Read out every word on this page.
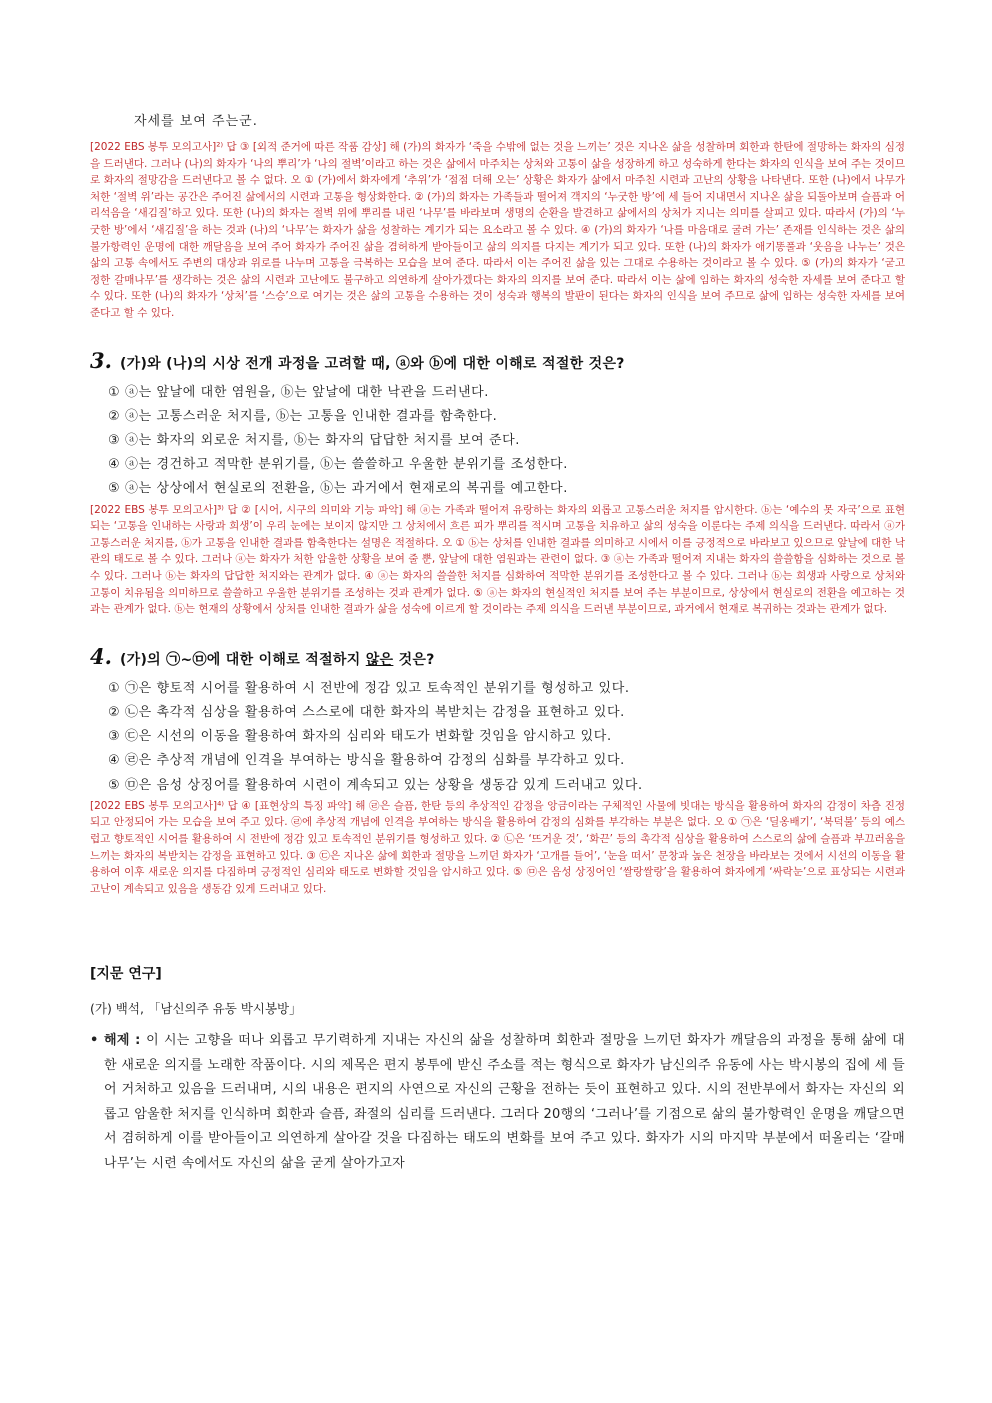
자세를 보여 주는군.

[2022 EBS 봉투 모의고사]²⁾ 답 ③ [외적 준거에 따른 작품 감상] 해 (가)의 화자가 ‘죽을 수밖에 없는 것을 느끼는’ 것은 지나온 삶을 성찰하며 회한과 한탄에 절망하는 화자의 심정을 드러낸다. 그러나 (나)의 화자가 ‘나의 뿌리’가 ‘나의 절벽’이라고 하는 것은 삶에서 마주치는 상처와 고통이 삶을 성장하게 하고 성숙하게 한다는 화자의 인식을 보여 주는 것이므로 화자의 절망감을 드러낸다고 볼 수 없다. 오 ① (가)에서 화자에게 ‘추위’가 ‘점점 더해 오는’ 상황은 화자가 삶에서 마주친 시련과 고난의 상황을 나타낸다. 또한 (나)에서 나무가 처한 ‘절벽 위’라는 공간은 주어진 삶에서의 시련과 고통을 형상화한다. ② (가)의 화자는 가족들과 떨어져 객지의 ‘누굿한 방’에 세 들어 지내면서 지나온 삶을 되돌아보며 슬픔과 어리석음을 ‘새김질’하고 있다. 또한 (나)의 화자는 절벽 위에 뿌리를 내린 ‘나무’를 바라보며 생명의 순환을 발견하고 삶에서의 상처가 지니는 의미를 살피고 있다. 따라서 (가)의 ‘누굿한 방’에서 ‘새김질’을 하는 것과 (나)의 ‘나무’는 화자가 삶을 성찰하는 계기가 되는 요소라고 볼 수 있다. ④ (가)의 화자가 ‘나를 마음대로 굴려 가는’ 존재를 인식하는 것은 삶의 불가항력인 운명에 대한 깨달음을 보여 주어 화자가 주어진 삶을 겸허하게 받아들이고 삶의 의지를 다지는 계기가 되고 있다. 또한 (나)의 화자가 애기똥풀과 ‘웃음을 나누는’ 것은 삶의 고통 속에서도 주변의 대상과 위로를 나누며 고통을 극복하는 모습을 보여 준다. 따라서 이는 주어진 삶을 있는 그대로 수용하는 것이라고 볼 수 있다. ⑤ (가)의 화자가 ‘굳고 정한 갈매나무’를 생각하는 것은 삶의 시련과 고난에도 불구하고 의연하게 살아가겠다는 화자의 의지를 보여 준다. 따라서 이는 삶에 임하는 화자의 성숙한 자세를 보여 준다고 할 수 있다. 또한 (나)의 화자가 ‘상처’를 ‘스승’으로 여기는 것은 삶의 고통을 수용하는 것이 성숙과 행복의 발판이 된다는 화자의 인식을 보여 주므로 삶에 임하는 성숙한 자세를 보여 준다고 할 수 있다.

3. (가)와 (나)의 시상 전개 과정을 고려할 때, ⓐ와 ⓑ에 대한 이해로 적절한 것은?
① ⓐ는 앞날에 대한 염원을, ⓑ는 앞날에 대한 낙관을 드러낸다.
② ⓐ는 고통스러운 처지를, ⓑ는 고통을 인내한 결과를 함축한다.
③ ⓐ는 화자의 외로운 처지를, ⓑ는 화자의 답답한 처지를 보여 준다.
④ ⓐ는 경건하고 적막한 분위기를, ⓑ는 쓸쓸하고 우울한 분위기를 조성한다.
⑤ ⓐ는 상상에서 현실로의 전환을, ⓑ는 과거에서 현재로의 복귀를 예고한다.

[2022 EBS 봉투 모의고사]³⁾ 답 ② [시어, 시구의 의미와 기능 파악] 해 ⓐ는 가족과 떨어져 유랑하는 화자의 외롭고 고통스러운 처지를 암시한다. ⓑ는 ‘예수의 못 자국’으로 표현되는 ‘고통을 인내하는 사랑과 희생’이 우리 눈에는 보이지 않지만 그 상처에서 흐른 피가 뿌리를 적시며 고통을 치유하고 삶의 성숙을 이룬다는 주제 의식을 드러낸다. 따라서 ⓐ가 고통스러운 처지를, ⓑ가 고통을 인내한 결과를 함축한다는 설명은 적절하다. 오 ① ⓑ는 상처를 인내한 결과를 의미하고 시에서 이를 긍정적으로 바라보고 있으므로 앞날에 대한 낙관의 태도로 볼 수 있다. 그러나 ⓐ는 화자가 처한 암울한 상황을 보여 줄 뿐, 앞날에 대한 염원과는 관련이 없다. ③ ⓐ는 가족과 떨어져 지내는 화자의 쓸쓸함을 심화하는 것으로 볼 수 있다. 그러나 ⓑ는 화자의 답답한 처지와는 관계가 없다. ④ ⓐ는 화자의 쓸쓸한 처지를 심화하여 적막한 분위기를 조성한다고 볼 수 있다. 그러나 ⓑ는 희생과 사랑으로 상처와 고통이 치유됨을 의미하므로 쓸쓸하고 우울한 분위기를 조성하는 것과 관계가 없다. ⑤ ⓐ는 화자의 현실적인 처지를 보여 주는 부분이므로, 상상에서 현실로의 전환을 예고하는 것과는 관계가 없다. ⓑ는 현재의 상황에서 상처를 인내한 결과가 삶을 성숙에 이르게 할 것이라는 주제 의식을 드러낸 부분이므로, 과거에서 현재로 복귀하는 것과는 관계가 없다.

4. (가)의 ㉠~㉤에 대한 이해로 적절하지 않은 것은?
① ㉠은 향토적 시어를 활용하여 시 전반에 정감 있고 토속적인 분위기를 형성하고 있다.
② ㉡은 촉각적 심상을 활용하여 스스로에 대한 화자의 복받치는 감정을 표현하고 있다.
③ ㉢은 시선의 이동을 활용하여 화자의 심리와 태도가 변화할 것임을 암시하고 있다.
④ ㉣은 추상적 개념에 인격을 부여하는 방식을 활용하여 감정의 심화를 부각하고 있다.
⑤ ㉤은 음성 상징어를 활용하여 시련이 계속되고 있는 상황을 생동감 있게 드러내고 있다.

[2022 EBS 봉투 모의고사]⁴⁾ 답 ④ [표현상의 특징 파악] 해 ㉣은 슬픔, 한탄 등의 추상적인 감정을 앙금이라는 구체적인 사물에 빗대는 방식을 활용하여 화자의 감정이 차츰 진정되고 안정되어 가는 모습을 보여 주고 있다. ㉣에 추상적 개념에 인격을 부여하는 방식을 활용하여 감정의 심화를 부각하는 부분은 없다. 오 ① ㉠은 ‘딜옹배기’, ‘북덕불’ 등의 예스럽고 향토적인 시어를 활용하여 시 전반에 정감 있고 토속적인 분위기를 형성하고 있다. ② ㉡은 ‘뜨거운 것’, ‘화끈’ 등의 촉각적 심상을 활용하여 스스로의 삶에 슬픔과 부끄러움을 느끼는 화자의 복받치는 감정을 표현하고 있다. ③ ㉢은 지나온 삶에 회한과 절망을 느끼던 화자가 ‘고개를 들어’, ‘눈을 떠서’ 문창과 높은 천장을 바라보는 것에서 시선의 이동을 활용하여 이후 새로운 의지를 다짐하며 긍정적인 심리와 태도로 변화할 것임을 암시하고 있다. ⑤ ㉤은 음성 상징어인 ‘쌀랑쌀랑’을 활용하여 화자에게 ‘싸락눈’으로 표상되는 시련과 고난이 계속되고 있음을 생동감 있게 드러내고 있다.

[지문 연구]
(가) 백석, 「남신의주 유동 박시봉방」
• 해제 : 이 시는 고향을 떠나 외롭고 무기력하게 지내는 자신의 삶을 성찰하며 회한과 절망을 느끼던 화자가 깨달음의 과정을 통해 삶에 대한 새로운 의지를 노래한 작품이다. 시의 제목은 편지 봉투에 받신 주소를 적는 형식으로 화자가 남신의주 유동에 사는 박시봉의 집에 세 들어 거처하고 있음을 드러내며, 시의 내용은 편지의 사연으로 자신의 근황을 전하는 듯이 표현하고 있다. 시의 전반부에서 화자는 자신의 외롭고 암울한 처지를 인식하며 회한과 슬픔, 좌절의 심리를 드러낸다. 그러다 20행의 ‘그러나’를 기점으로 삶의 불가항력인 운명을 깨달으면서 겸허하게 이를 받아들이고 의연하게 살아갈 것을 다짐하는 태도의 변화를 보여 주고 있다. 화자가 시의 마지막 부분에서 떠올리는 ‘갈매나무’는 시련 속에서도 자신의 삶을 굳게 살아가고자
